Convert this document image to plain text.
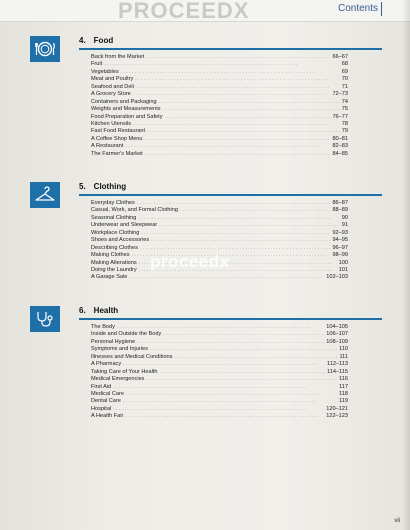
PROCEEDX	Contents
4. Food
Back from the Market . . .	66–67
Fruit . . .	68
Vegetables . . .	69
Meat and Poultry . . .	70
Seafood and Deli . . .	71
A Grocery Store . . .	72–73
Containers and Packaging . . .	74
Weights and Measurements . . .	75
Food Preparation and Safety . . .	76–77
Kitchen Utensils . . .	78
Fast Food Restaurant . . .	79
A Coffee Shop Menu . . .	80–81
A Restaurant . . .	82–83
The Farmer's Market . . .	84–85
5. Clothing
Everyday Clothes . . .	86–87
Casual, Work, and Formal Clothing . . .	88–89
Seasonal Clothing . . .	90
Underwear and Sleepwear . . .	91
Workplace Clothing . . .	92–93
Shoes and Accessories . . .	94–95
Describing Clothes . . .	96–97
Making Clothes . . .	98–99
Making Alterations . . .	100
Doing the Laundry . . .	101
A Garage Sale . . .	102–103
6. Health
The Body . . .	104–105
Inside and Outside the Body . . .	106–107
Personal Hygiene . . .	108–109
Symptoms and Injuries . . .	110
Illnesses and Medical Conditions . . .	111
A Pharmacy . . .	112–113
Taking Care of Your Health . . .	114–115
Medical Emergencies . . .	116
First Aid . . .	117
Medical Care . . .	118
Dental Care . . .	119
Hospital . . .	120–121
A Health Fair . . .	122–123
proceedx
vii
